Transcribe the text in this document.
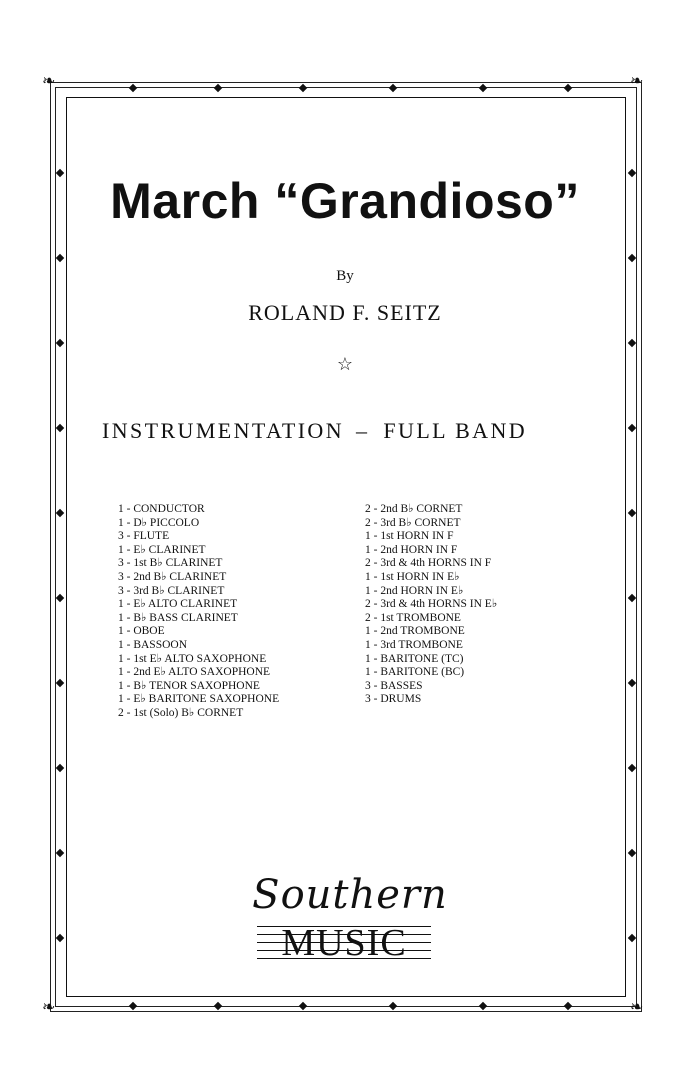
❧	❧
❧	❧
March “Grandioso”
By
ROLAND F. SEITZ
☆
INSTRUMENTATION – FULL BAND
1 - CONDUCTOR
1 - D♭ PICCOLO
3 - FLUTE
1 - E♭ CLARINET
3 - 1st B♭ CLARINET
3 - 2nd B♭ CLARINET
3 - 3rd B♭ CLARINET
1 - E♭ ALTO CLARINET
1 - B♭ BASS CLARINET
1 - OBOE
1 - BASSOON
1 - 1st E♭ ALTO SAXOPHONE
1 - 2nd E♭ ALTO SAXOPHONE
1 - B♭ TENOR SAXOPHONE
1 - E♭ BARITONE SAXOPHONE
2 - 1st (Solo) B♭ CORNET
2 - 2nd B♭ CORNET
2 - 3rd B♭ CORNET
1 - 1st HORN IN F
1 - 2nd HORN IN F
2 - 3rd & 4th HORNS IN F
1 - 1st HORN IN E♭
1 - 2nd HORN IN E♭
2 - 3rd & 4th HORNS IN E♭
2 - 1st TROMBONE
1 - 2nd TROMBONE
1 - 3rd TROMBONE
1 - BARITONE (TC)
1 - BARITONE (BC)
3 - BASSES
3 - DRUMS
Southern
MUSIC
